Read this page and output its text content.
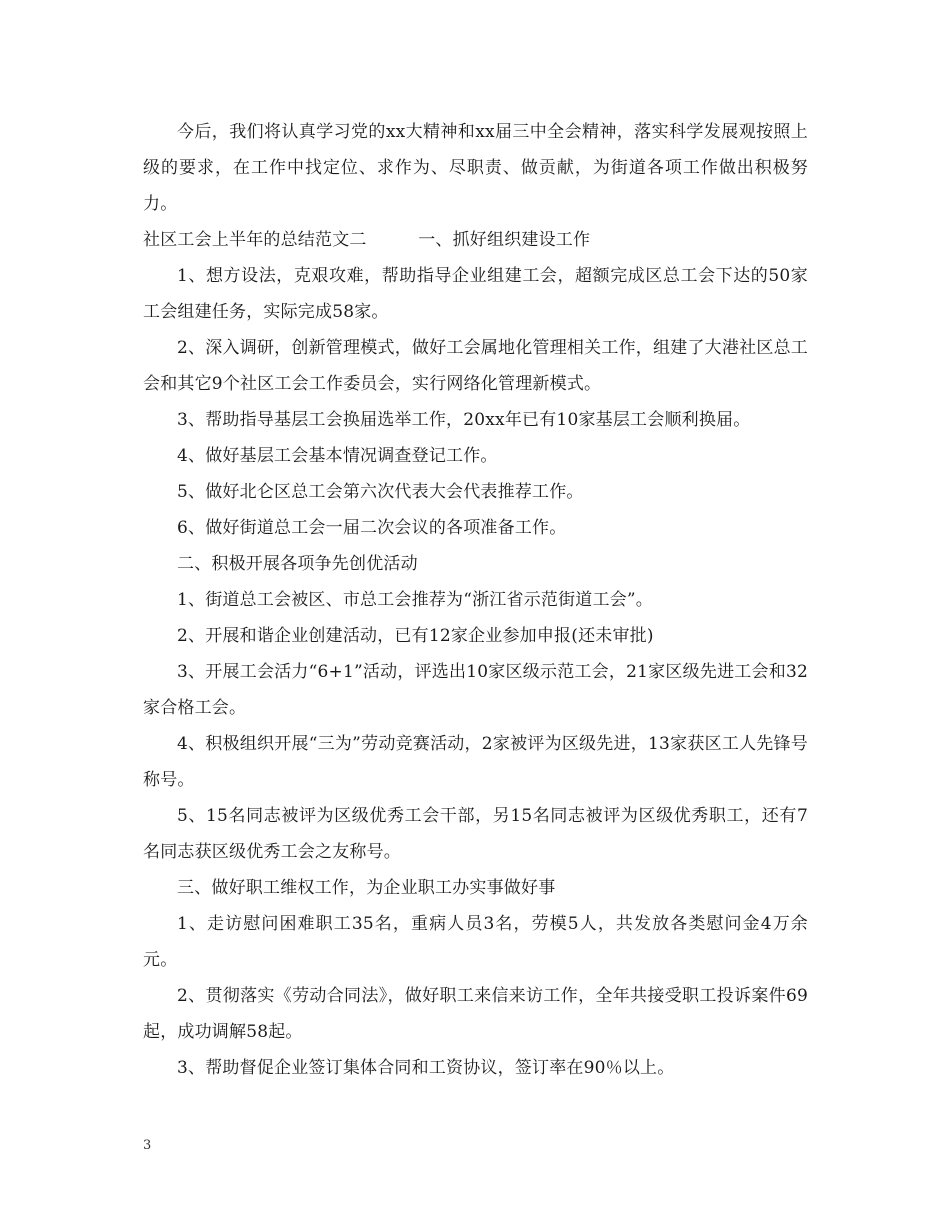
今后，我们将认真学习党的xx大精神和xx届三中全会精神，落实科学发展观按照上级的要求，在工作中找定位、求作为、尽职责、做贡献，为街道各项工作做出积极努力。

社区工会上半年的总结范文二　　　一、抓好组织建设工作

1、想方设法，克艰攻难，帮助指导企业组建工会，超额完成区总工会下达的50家工会组建任务，实际完成58家。

2、深入调研，创新管理模式，做好工会属地化管理相关工作，组建了大港社区总工会和其它9个社区工会工作委员会，实行网络化管理新模式。

3、帮助指导基层工会换届选举工作，20xx年已有10家基层工会顺利换届。

4、做好基层工会基本情况调查登记工作。

5、做好北仑区总工会第六次代表大会代表推荐工作。

6、做好街道总工会一届二次会议的各项准备工作。

二、积极开展各项争先创优活动

1、街道总工会被区、市总工会推荐为“浙江省示范街道工会”。

2、开展和谐企业创建活动，已有12家企业参加申报(还未审批)

3、开展工会活力“6+1”活动，评选出10家区级示范工会，21家区级先进工会和32家合格工会。

4、积极组织开展“三为”劳动竞赛活动，2家被评为区级先进，13家获区工人先锋号称号。

5、15名同志被评为区级优秀工会干部，另15名同志被评为区级优秀职工，还有7名同志获区级优秀工会之友称号。

三、做好职工维权工作，为企业职工办实事做好事

1、走访慰问困难职工35名，重病人员3名，劳模5人，共发放各类慰问金4万余元。

2、贯彻落实《劳动合同法》，做好职工来信来访工作，全年共接受职工投诉案件69起，成功调解58起。

3、帮助督促企业签订集体合同和工资协议，签订率在90％以上。

3
